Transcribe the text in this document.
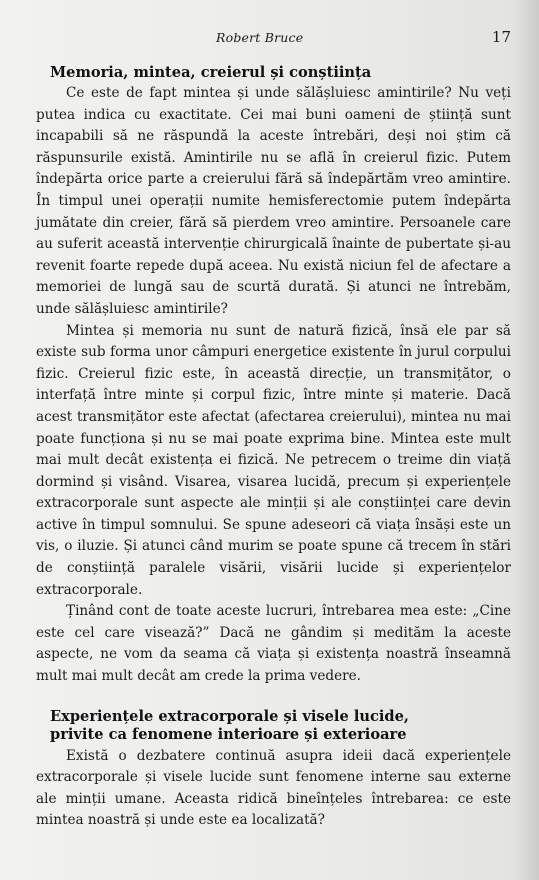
Robert Bruce	17
Memoria, mintea, creierul și conștiința

Ce este de fapt mintea și unde sălășluiesc amintirile? Nu veți putea indica cu exactitate. Cei mai buni oameni de știință sunt incapabili să ne răspundă la aceste întrebări, deși noi știm că răspunsurile există. Amintirile nu se află în creierul fizic. Putem îndepărta orice parte a creierului fără să îndepărtăm vreo amintire. În timpul unei operații numite hemisferectomie putem îndepărta jumătate din creier, fără să pierdem vreo amintire. Persoanele care au suferit această intervenție chirurgicală înainte de pubertate și-au revenit foarte repede după aceea. Nu există niciun fel de afectare a memoriei de lungă sau de scurtă durată. Și atunci ne întrebăm, unde sălășluiesc amintirile?

Mintea și memoria nu sunt de natură fizică, însă ele par să existe sub forma unor câmpuri energetice existente în jurul corpului fizic. Creierul fizic este, în această direcție, un transmițător, o interfață între minte și corpul fizic, între minte și materie. Dacă acest transmițător este afectat (afectarea creierului), mintea nu mai poate funcționa și nu se mai poate exprima bine. Mintea este mult mai mult decât existența ei fizică. Ne petrecem o treime din viață dormind și visând. Visarea, visarea lucidă, precum și experiențele extracorporale sunt aspecte ale minții și ale conștiinței care devin active în timpul somnului. Se spune adeseori că viața însăși este un vis, o iluzie. Și atunci când murim se poate spune că trecem în stări de conștiință paralele visării, visării lucide și experiențelor extracorporale.

Ținând cont de toate aceste lucruri, întrebarea mea este: „Cine este cel care visează?” Dacă ne gândim și medităm la aceste aspecte, ne vom da seama că viața și existența noastră înseamnă mult mai mult decât am crede la prima vedere.

Experiențele extracorporale și visele lucide,
privite ca fenomene interioare și exterioare

Există o dezbatere continuă asupra ideii dacă experiențele extracorporale și visele lucide sunt fenomene interne sau externe ale minții umane. Aceasta ridică bineînțeles întrebarea: ce este mintea noastră și unde este ea localizată?
